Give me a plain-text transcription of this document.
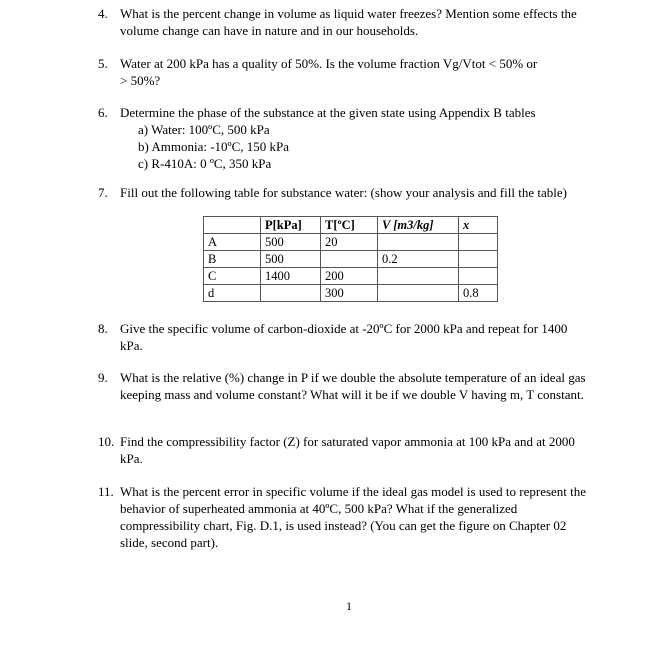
4. What is the percent change in volume as liquid water freezes? Mention some effects the
volume change can have in nature and in our households.
5. Water at 200 kPa has a quality of 50%. Is the volume fraction Vg/Vtot < 50% or
> 50%?
6. Determine the phase of the substance at the given state using Appendix B tables
a) Water: 100ºC, 500 kPa
b) Ammonia: -10ºC, 150 kPa
c) R-410A: 0 ºC, 350 kPa
7. Fill out the following table for substance water: (show your analysis and fill the table)
	P[kPa]	T[ºC]	V [m3/kg]	x
A	500	20		
B	500		0.2	
C	1400	200		
d		300		0.8
8. Give the specific volume of carbon-dioxide at -20ºC for 2000 kPa and repeat for 1400
kPa.
9. What is the relative (%) change in P if we double the absolute temperature of an ideal gas
keeping mass and volume constant? What will it be if we double V having m, T constant.
10. Find the compressibility factor (Z) for saturated vapor ammonia at 100 kPa and at 2000
kPa.
11. What is the percent error in specific volume if the ideal gas model is used to represent the
behavior of superheated ammonia at 40ºC, 500 kPa? What if the generalized
compressibility chart, Fig. D.1, is used instead? (You can get the figure on Chapter 02
slide, second part).
1
